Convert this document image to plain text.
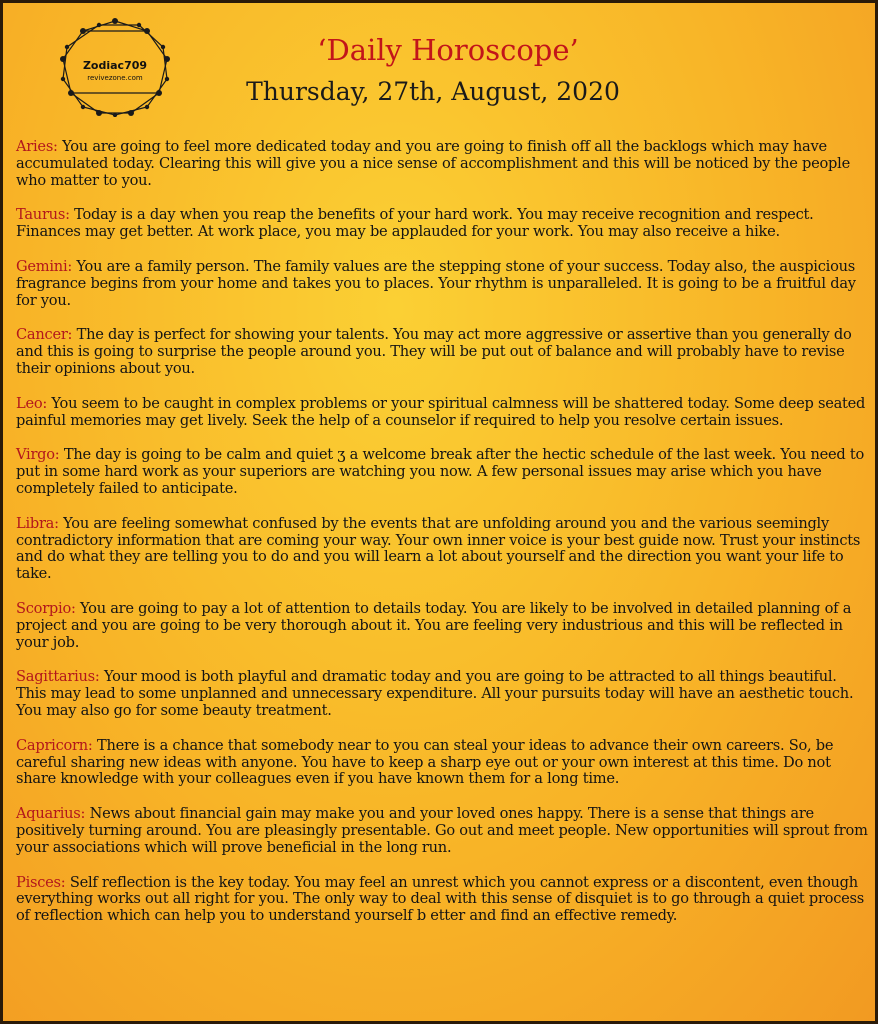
Zodiac709
revivezone.com
‘Daily Horoscope’
Thursday, 27th, August, 2020
Aries: You are going to feel more dedicated today and you are going to finish off all the backlogs which may have accumulated today. Clearing this will give you a nice sense of accomplishment and this will be noticed by the people who matter to you.
Taurus: Today is a day when you reap the benefits of your hard work. You may receive recognition and respect. Finances may get better. At work place, you may be applauded for your work. You may also receive a hike.
Gemini: You are a family person. The family values are the stepping stone of your success. Today also, the auspicious fragrance begins from your home and takes you to places. Your rhythm is unparalleled. It is going to be a fruitful day for you.
Cancer: The day is perfect for showing your talents. You may act more aggressive or assertive than you generally do and this is going to surprise the people around you. They will be put out of balance and will probably have to revise their opinions about you.
Leo: You seem to be caught in complex problems or your spiritual calmness will be shattered today. Some deep seated painful memories may get lively. Seek the help of a counselor if required to help you resolve certain issues.
Virgo: The day is going to be calm and quiet ʒ a welcome break after the hectic schedule of the last week. You need to put in some hard work as your superiors are watching you now. A few personal issues may arise which you have completely failed to anticipate.
Libra: You are feeling somewhat confused by the events that are unfolding around you and the various seemingly contradictory information that are coming your way. Your own inner voice is your best guide now. Trust your instincts and do what they are telling you to do and you will learn a lot about yourself and the direction you want your life to take.
Scorpio: You are going to pay a lot of attention to details today. You are likely to be involved in detailed planning of a project and you are going to be very thorough about it. You are feeling very industrious and this will be reflected in your job.
Sagittarius: Your mood is both playful and dramatic today and you are going to be attracted to all things beautiful. This may lead to some unplanned and unnecessary expenditure. All your pursuits today will have an aesthetic touch. You may also go for some beauty treatment.
Capricorn: There is a chance that somebody near to you can steal your ideas to advance their own careers. So, be careful sharing new ideas with anyone. You have to keep a sharp eye out or your own interest at this time. Do not share knowledge with your colleagues even if you have known them for a long time.
Aquarius: News about financial gain may make you and your loved ones happy. There is a sense that things are positively turning around. You are pleasingly presentable. Go out and meet people. New opportunities will sprout from your associations which will prove beneficial in the long run.
Pisces: Self reflection is the key today. You may feel an unrest which you cannot express or a discontent, even though everything works out all right for you. The only way to deal with this sense of disquiet is to go through a quiet process of reflection which can help you to understand yourself b etter and find an effective remedy.
